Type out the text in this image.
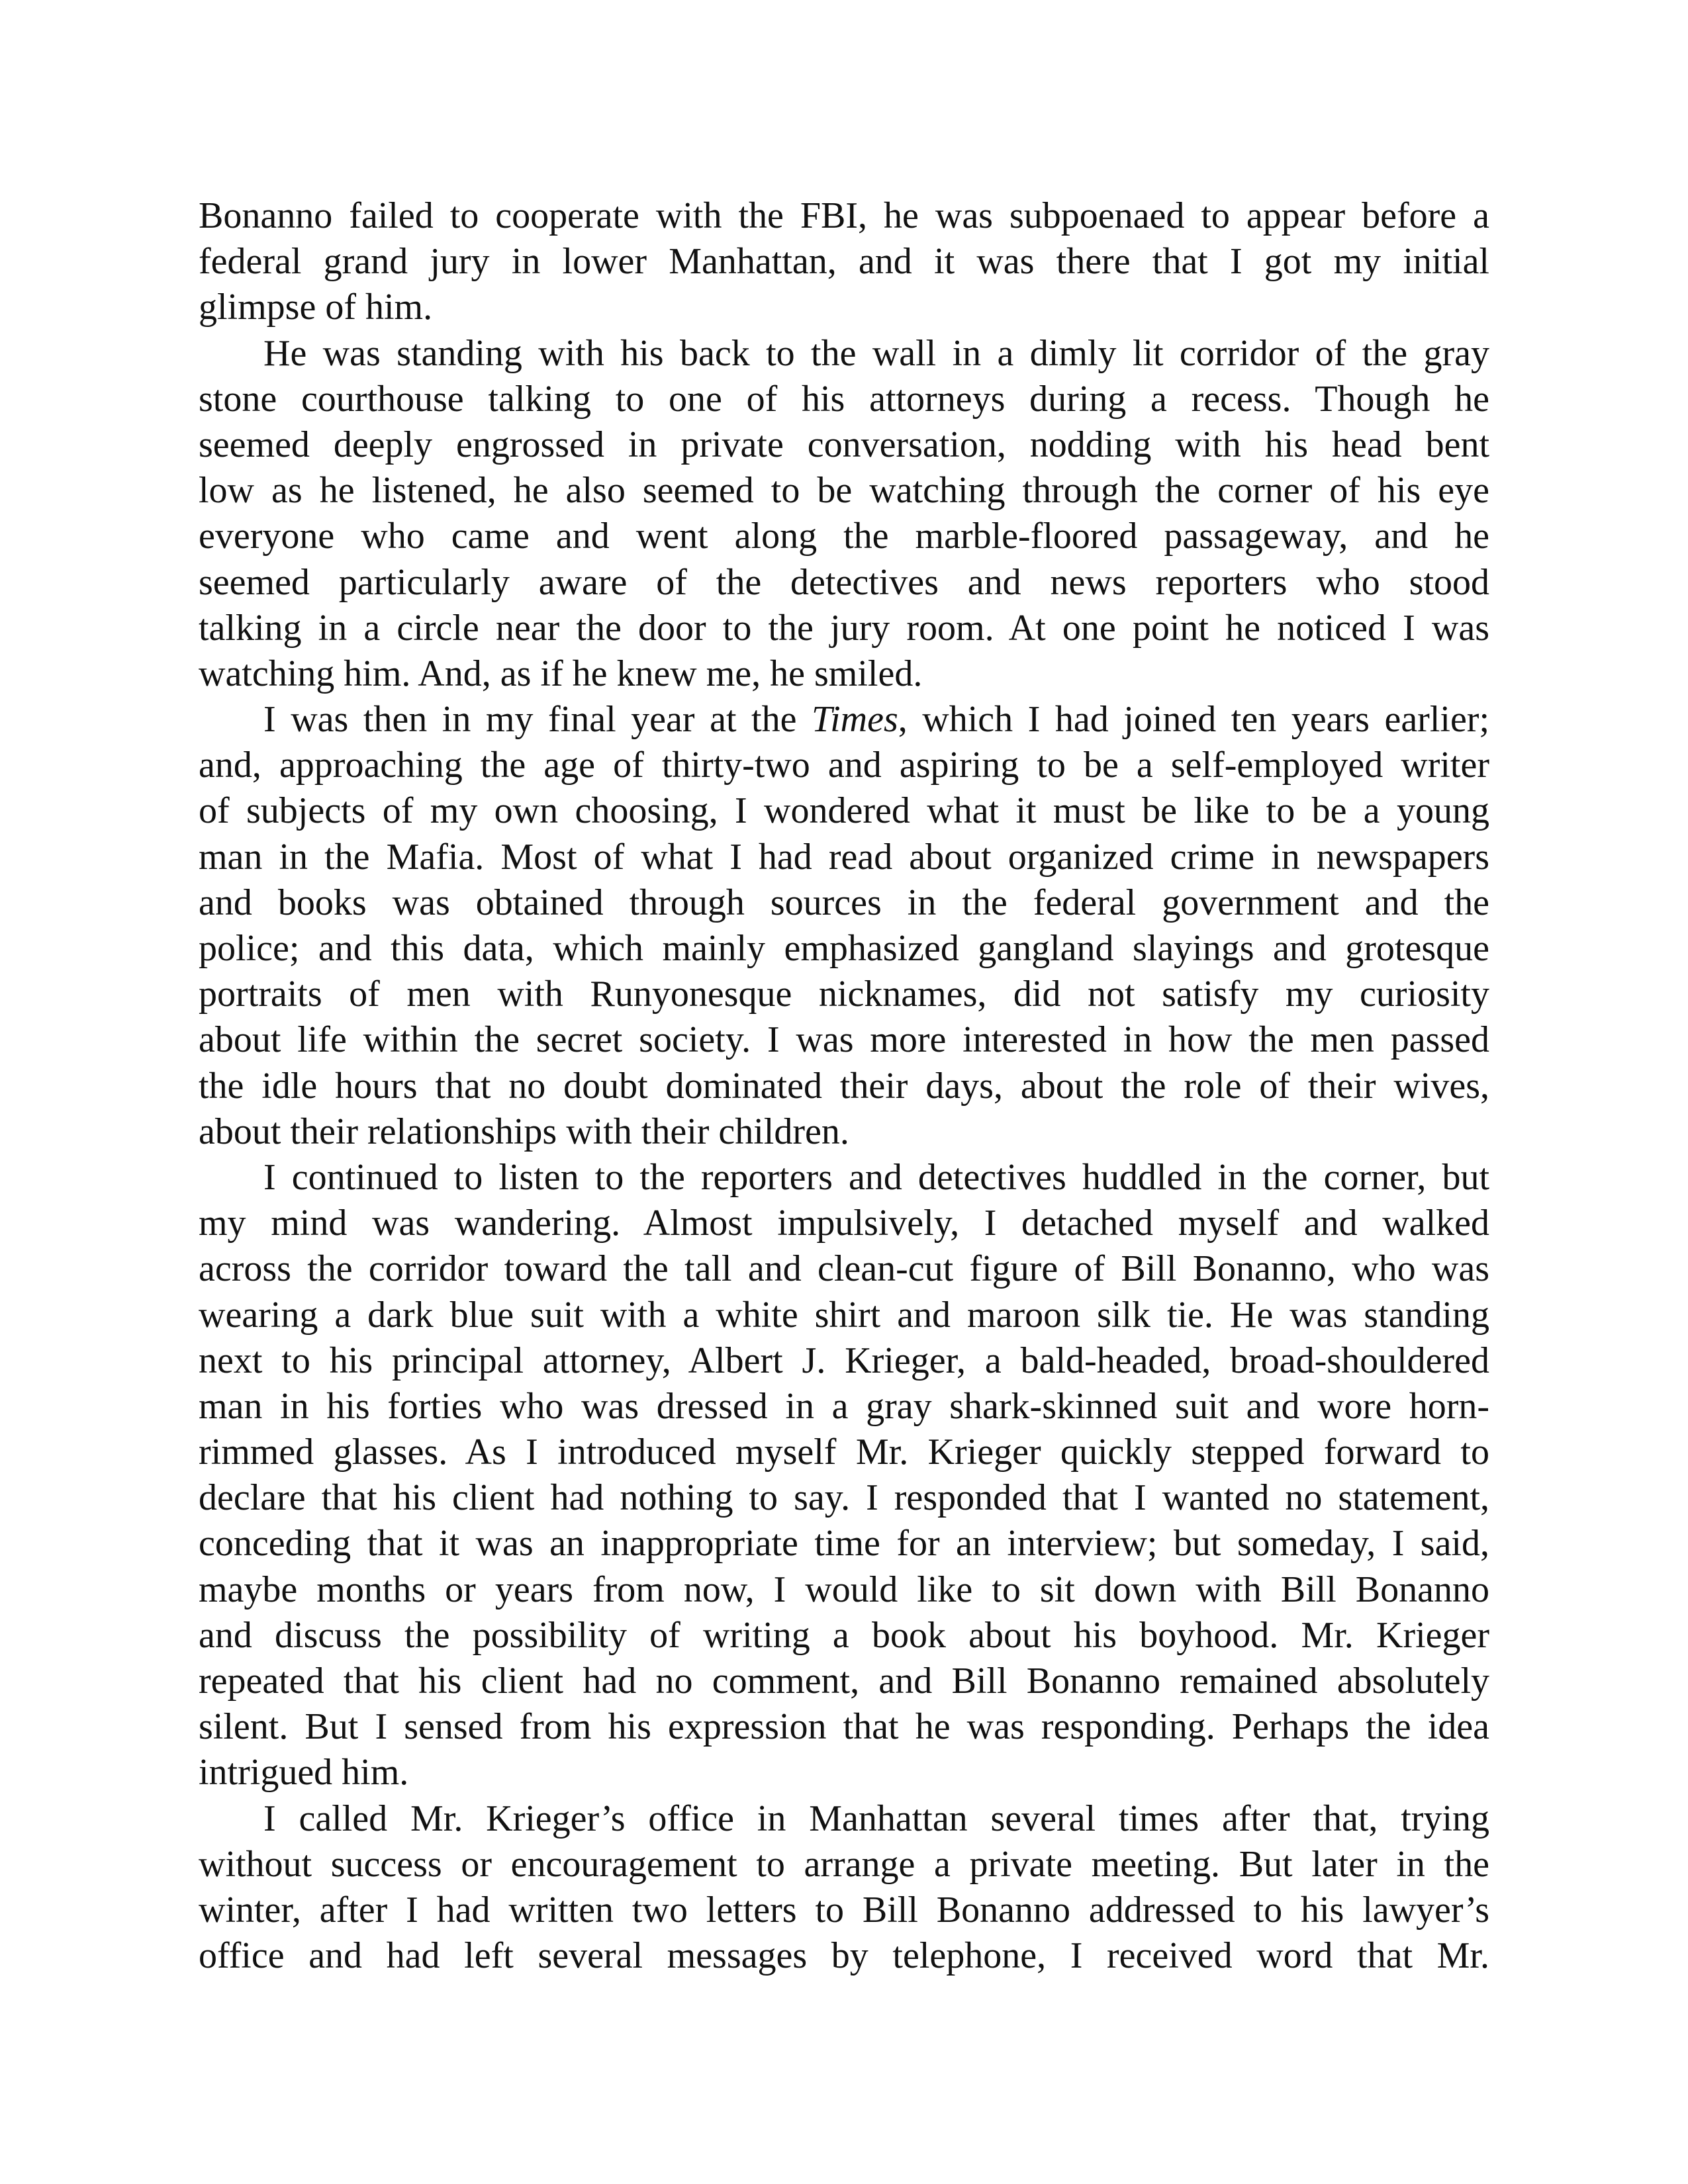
Bonanno failed to cooperate with the FBI, he was subpoenaed to appear before a
federal grand jury in lower Manhattan, and it was there that I got my initial
glimpse of him.

He was standing with his back to the wall in a dimly lit corridor of the gray
stone courthouse talking to one of his attorneys during a recess. Though he
seemed deeply engrossed in private conversation, nodding with his head bent
low as he listened, he also seemed to be watching through the corner of his eye
everyone who came and went along the marble-floored passageway, and he
seemed particularly aware of the detectives and news reporters who stood
talking in a circle near the door to the jury room. At one point he noticed I was
watching him. And, as if he knew me, he smiled.

I was then in my final year at the Times, which I had joined ten years earlier;
and, approaching the age of thirty-two and aspiring to be a self-employed writer
of subjects of my own choosing, I wondered what it must be like to be a young
man in the Mafia. Most of what I had read about organized crime in newspapers
and books was obtained through sources in the federal government and the
police; and this data, which mainly emphasized gangland slayings and grotesque
portraits of men with Runyonesque nicknames, did not satisfy my curiosity
about life within the secret society. I was more interested in how the men passed
the idle hours that no doubt dominated their days, about the role of their wives,
about their relationships with their children.

I continued to listen to the reporters and detectives huddled in the corner, but
my mind was wandering. Almost impulsively, I detached myself and walked
across the corridor toward the tall and clean-cut figure of Bill Bonanno, who was
wearing a dark blue suit with a white shirt and maroon silk tie. He was standing
next to his principal attorney, Albert J. Krieger, a bald-headed, broad-shouldered
man in his forties who was dressed in a gray shark-skinned suit and wore horn-
rimmed glasses. As I introduced myself Mr. Krieger quickly stepped forward to
declare that his client had nothing to say. I responded that I wanted no statement,
conceding that it was an inappropriate time for an interview; but someday, I said,
maybe months or years from now, I would like to sit down with Bill Bonanno
and discuss the possibility of writing a book about his boyhood. Mr. Krieger
repeated that his client had no comment, and Bill Bonanno remained absolutely
silent. But I sensed from his expression that he was responding. Perhaps the idea
intrigued him.

I called Mr. Krieger’s office in Manhattan several times after that, trying
without success or encouragement to arrange a private meeting. But later in the
winter, after I had written two letters to Bill Bonanno addressed to his lawyer’s
office and had left several messages by telephone, I received word that Mr.
